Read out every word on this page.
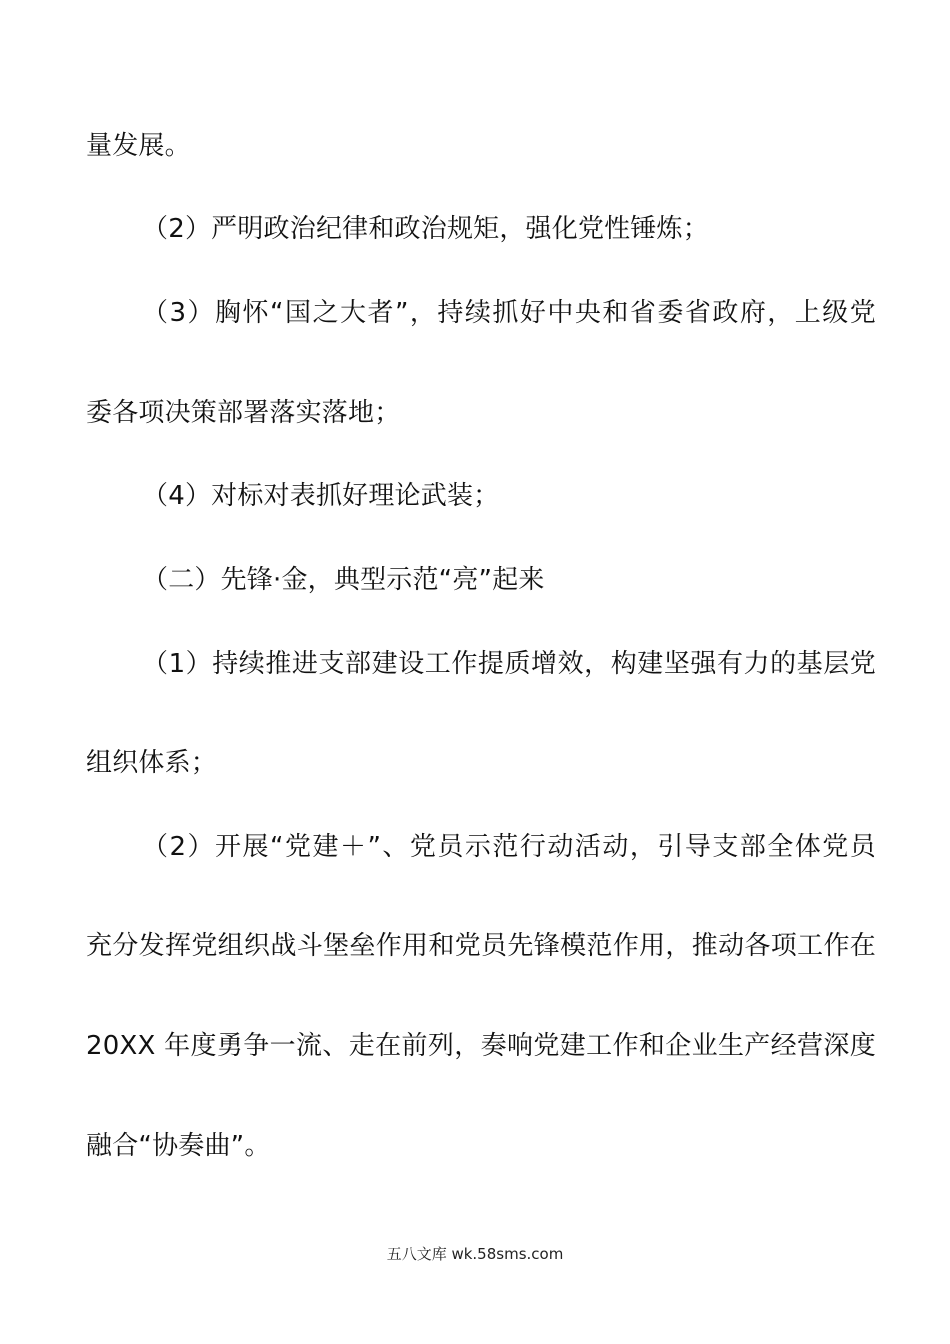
量发展。
（2）严明政治纪律和政治规矩，强化党性锤炼；
（3）胸怀“国之大者”，持续抓好中央和省委省政府，上级党
委各项决策部署落实落地；
（4）对标对表抓好理论武装；
（二）先锋·金，典型示范“亮”起来
（1）持续推进支部建设工作提质增效，构建坚强有力的基层党
组织体系；
（2）开展“党建＋”、党员示范行动活动，引导支部全体党员
充分发挥党组织战斗堡垒作用和党员先锋模范作用，推动各项工作在
20XX 年度勇争一流、走在前列，奏响党建工作和企业生产经营深度
融合“协奏曲”。
五八文库 wk.58sms.com
